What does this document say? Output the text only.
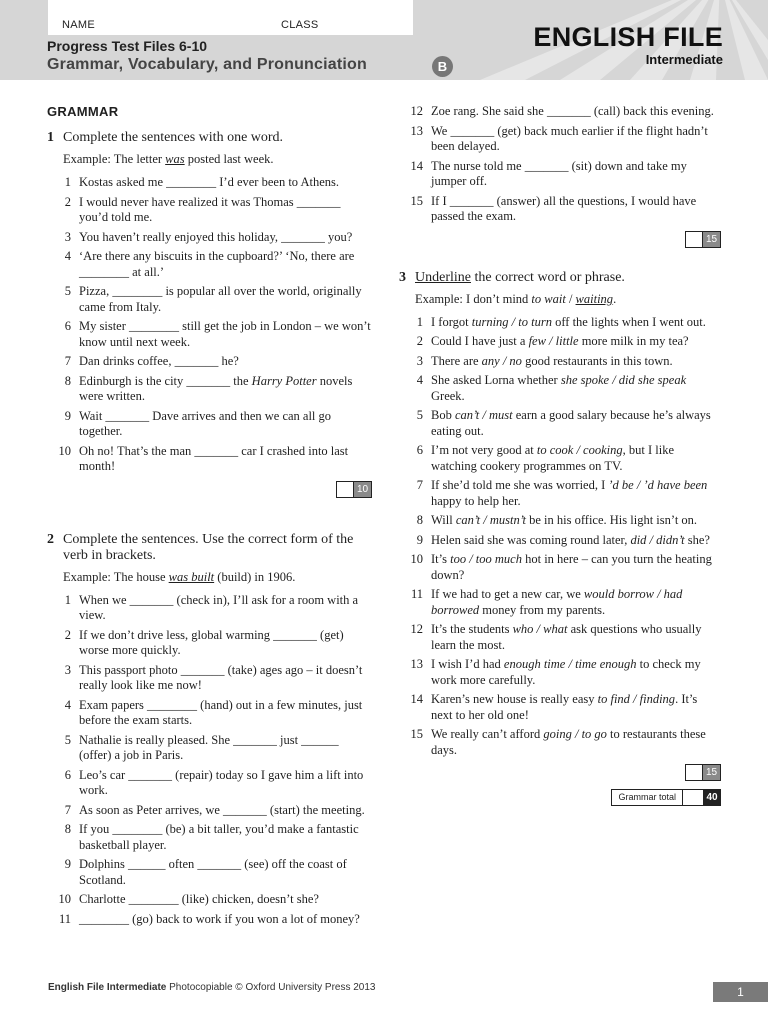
NAME	CLASS
Progress Test Files 6-10
Grammar, Vocabulary, and Pronunciation	B
ENGLISH FILE
Intermediate
GRAMMAR
1 Complete the sentences with one word.
Example: The letter was posted last week.
1 Kostas asked me ________ I’d ever been to Athens.
2 I would never have realized it was Thomas _______ you’d told me.
3 You haven’t really enjoyed this holiday, _______ you?
4 ‘Are there any biscuits in the cupboard?’ ‘No, there are ________ at all.’
5 Pizza, ________ is popular all over the world, originally came from Italy.
6 My sister ________ still get the job in London – we won’t know until next week.
7 Dan drinks coffee, _______ he?
8 Edinburgh is the city _______ the Harry Potter novels were written.
9 Wait _______ Dave arrives and then we can all go together.
10 Oh no! That’s the man _______ car I crashed into last month!
10
2 Complete the sentences. Use the correct form of the verb in brackets.
Example: The house was built (build) in 1906.
1 When we _______ (check in), I’ll ask for a room with a view.
2 If we don’t drive less, global warming _______ (get) worse more quickly.
3 This passport photo _______ (take) ages ago – it doesn’t really look like me now!
4 Exam papers ________ (hand) out in a few minutes, just before the exam starts.
5 Nathalie is really pleased. She _______ just ______ (offer) a job in Paris.
6 Leo’s car _______ (repair) today so I gave him a lift into work.
7 As soon as Peter arrives, we _______ (start) the meeting.
8 If you ________ (be) a bit taller, you’d make a fantastic basketball player.
9 Dolphins ______ often _______ (see) off the coast of Scotland.
10 Charlotte ________ (like) chicken, doesn’t she?
11 ________ (go) back to work if you won a lot of money?
12 Zoe rang. She said she _______ (call) back this evening.
13 We _______ (get) back much earlier if the flight hadn’t been delayed.
14 The nurse told me _______ (sit) down and take my jumper off.
15 If I _______ (answer) all the questions, I would have passed the exam.
15
3 Underline the correct word or phrase.
Example: I don’t mind to wait / waiting.
1 I forgot turning / to turn off the lights when I went out.
2 Could I have just a few / little more milk in my tea?
3 There are any / no good restaurants in this town.
4 She asked Lorna whether she spoke / did she speak Greek.
5 Bob can’t / must earn a good salary because he’s always eating out.
6 I’m not very good at to cook / cooking, but I like watching cookery programmes on TV.
7 If she’d told me she was worried, I ’d be / ’d have been happy to help her.
8 Will can’t / mustn’t be in his office. His light isn’t on.
9 Helen said she was coming round later, did / didn’t she?
10 It’s too / too much hot in here – can you turn the heating down?
11 If we had to get a new car, we would borrow / had borrowed money from my parents.
12 It’s the students who / what ask questions who usually learn the most.
13 I wish I’d had enough time / time enough to check my work more carefully.
14 Karen’s new house is really easy to find / finding. It’s next to her old one!
15 We really can’t afford going / to go to restaurants these days.
15
Grammar total	40
English File Intermediate Photocopiable © Oxford University Press 2013	1
